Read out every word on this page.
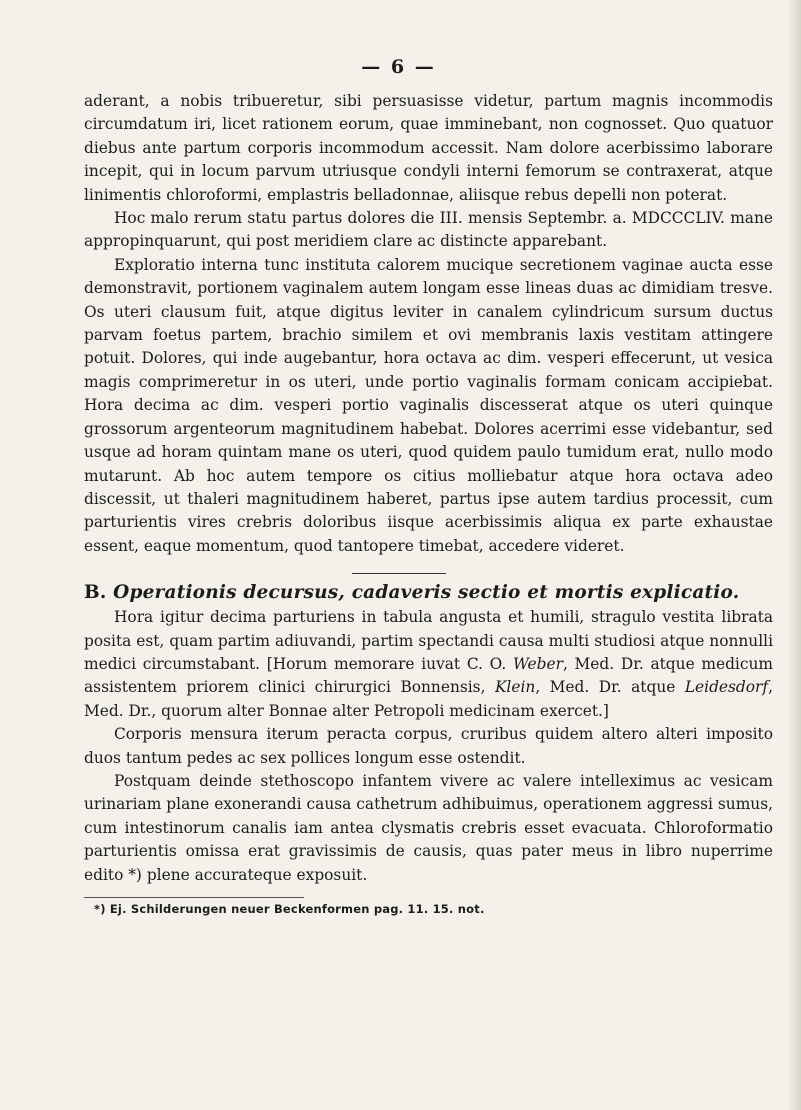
— 6 —

aderant, a nobis tribueretur, sibi persuasisse videtur, partum magnis incommodis circumdatum iri, licet rationem eorum, quae imminebant, non cognosset. Quo quatuor diebus ante partum corporis incommodum accessit. Nam dolore acerbissimo laborare incepit, qui in locum parvum utriusque condyli interni femorum se contraxerat, atque linimentis chloroformi, emplastris belladonnae, aliisque rebus depelli non poterat.

Hoc malo rerum statu partus dolores die III. mensis Septembr. a. MDCCCLIV. mane appropinquarunt, qui post meridiem clare ac distincte apparebant.

Exploratio interna tunc instituta calorem mucique secretionem vaginae aucta esse demonstravit, portionem vaginalem autem longam esse lineas duas ac dimidiam tresve. Os uteri clausum fuit, atque digitus leviter in canalem cylindricum sursum ductus parvam foetus partem, brachio similem et ovi membranis laxis vestitam attingere potuit. Dolores, qui inde augebantur, hora octava ac dim. vesperi effecerunt, ut vesica magis comprimeretur in os uteri, unde portio vaginalis formam conicam accipiebat. Hora decima ac dim. vesperi portio vaginalis discesserat atque os uteri quinque grossorum argenteorum magnitudinem habebat. Dolores acerrimi esse videbantur, sed usque ad horam quintam mane os uteri, quod quidem paulo tumidum erat, nullo modo mutarunt. Ab hoc autem tempore os citius molliebatur atque hora octava adeo discessit, ut thaleri magnitudinem haberet, partus ipse autem tardius processit, cum parturientis vires crebris doloribus iisque acerbissimis aliqua ex parte exhaustae essent, eaque momentum, quod tantopere timebat, accedere videret.

B. Operationis decursus, cadaveris sectio et mortis explicatio.

Hora igitur decima parturiens in tabula angusta et humili, stragulo vestita librata posita est, quam partim adiuvandi, partim spectandi causa multi studiosi atque nonnulli medici circumstabant. [Horum memorare iuvat C. O. Weber, Med. Dr. atque medicum assistentem priorem clinici chirurgici Bonnensis, Klein, Med. Dr. atque Leidesdorf, Med. Dr., quorum alter Bonnae alter Petropoli medicinam exercet.]

Corporis mensura iterum peracta corpus, cruribus quidem altero alteri imposito duos tantum pedes ac sex pollices longum esse ostendit.

Postquam deinde stethoscopo infantem vivere ac valere intelleximus ac vesicam urinariam plane exonerandi causa cathetrum adhibuimus, operationem aggressi sumus, cum intestinorum canalis iam antea clysmatis crebris esset evacuata. Chloroformatio parturientis omissa erat gravissimis de causis, quas pater meus in libro nuperrime edito *) plene accurateque exposuit.

*) Ej. Schilderungen neuer Beckenformen pag. 11. 15. not.
